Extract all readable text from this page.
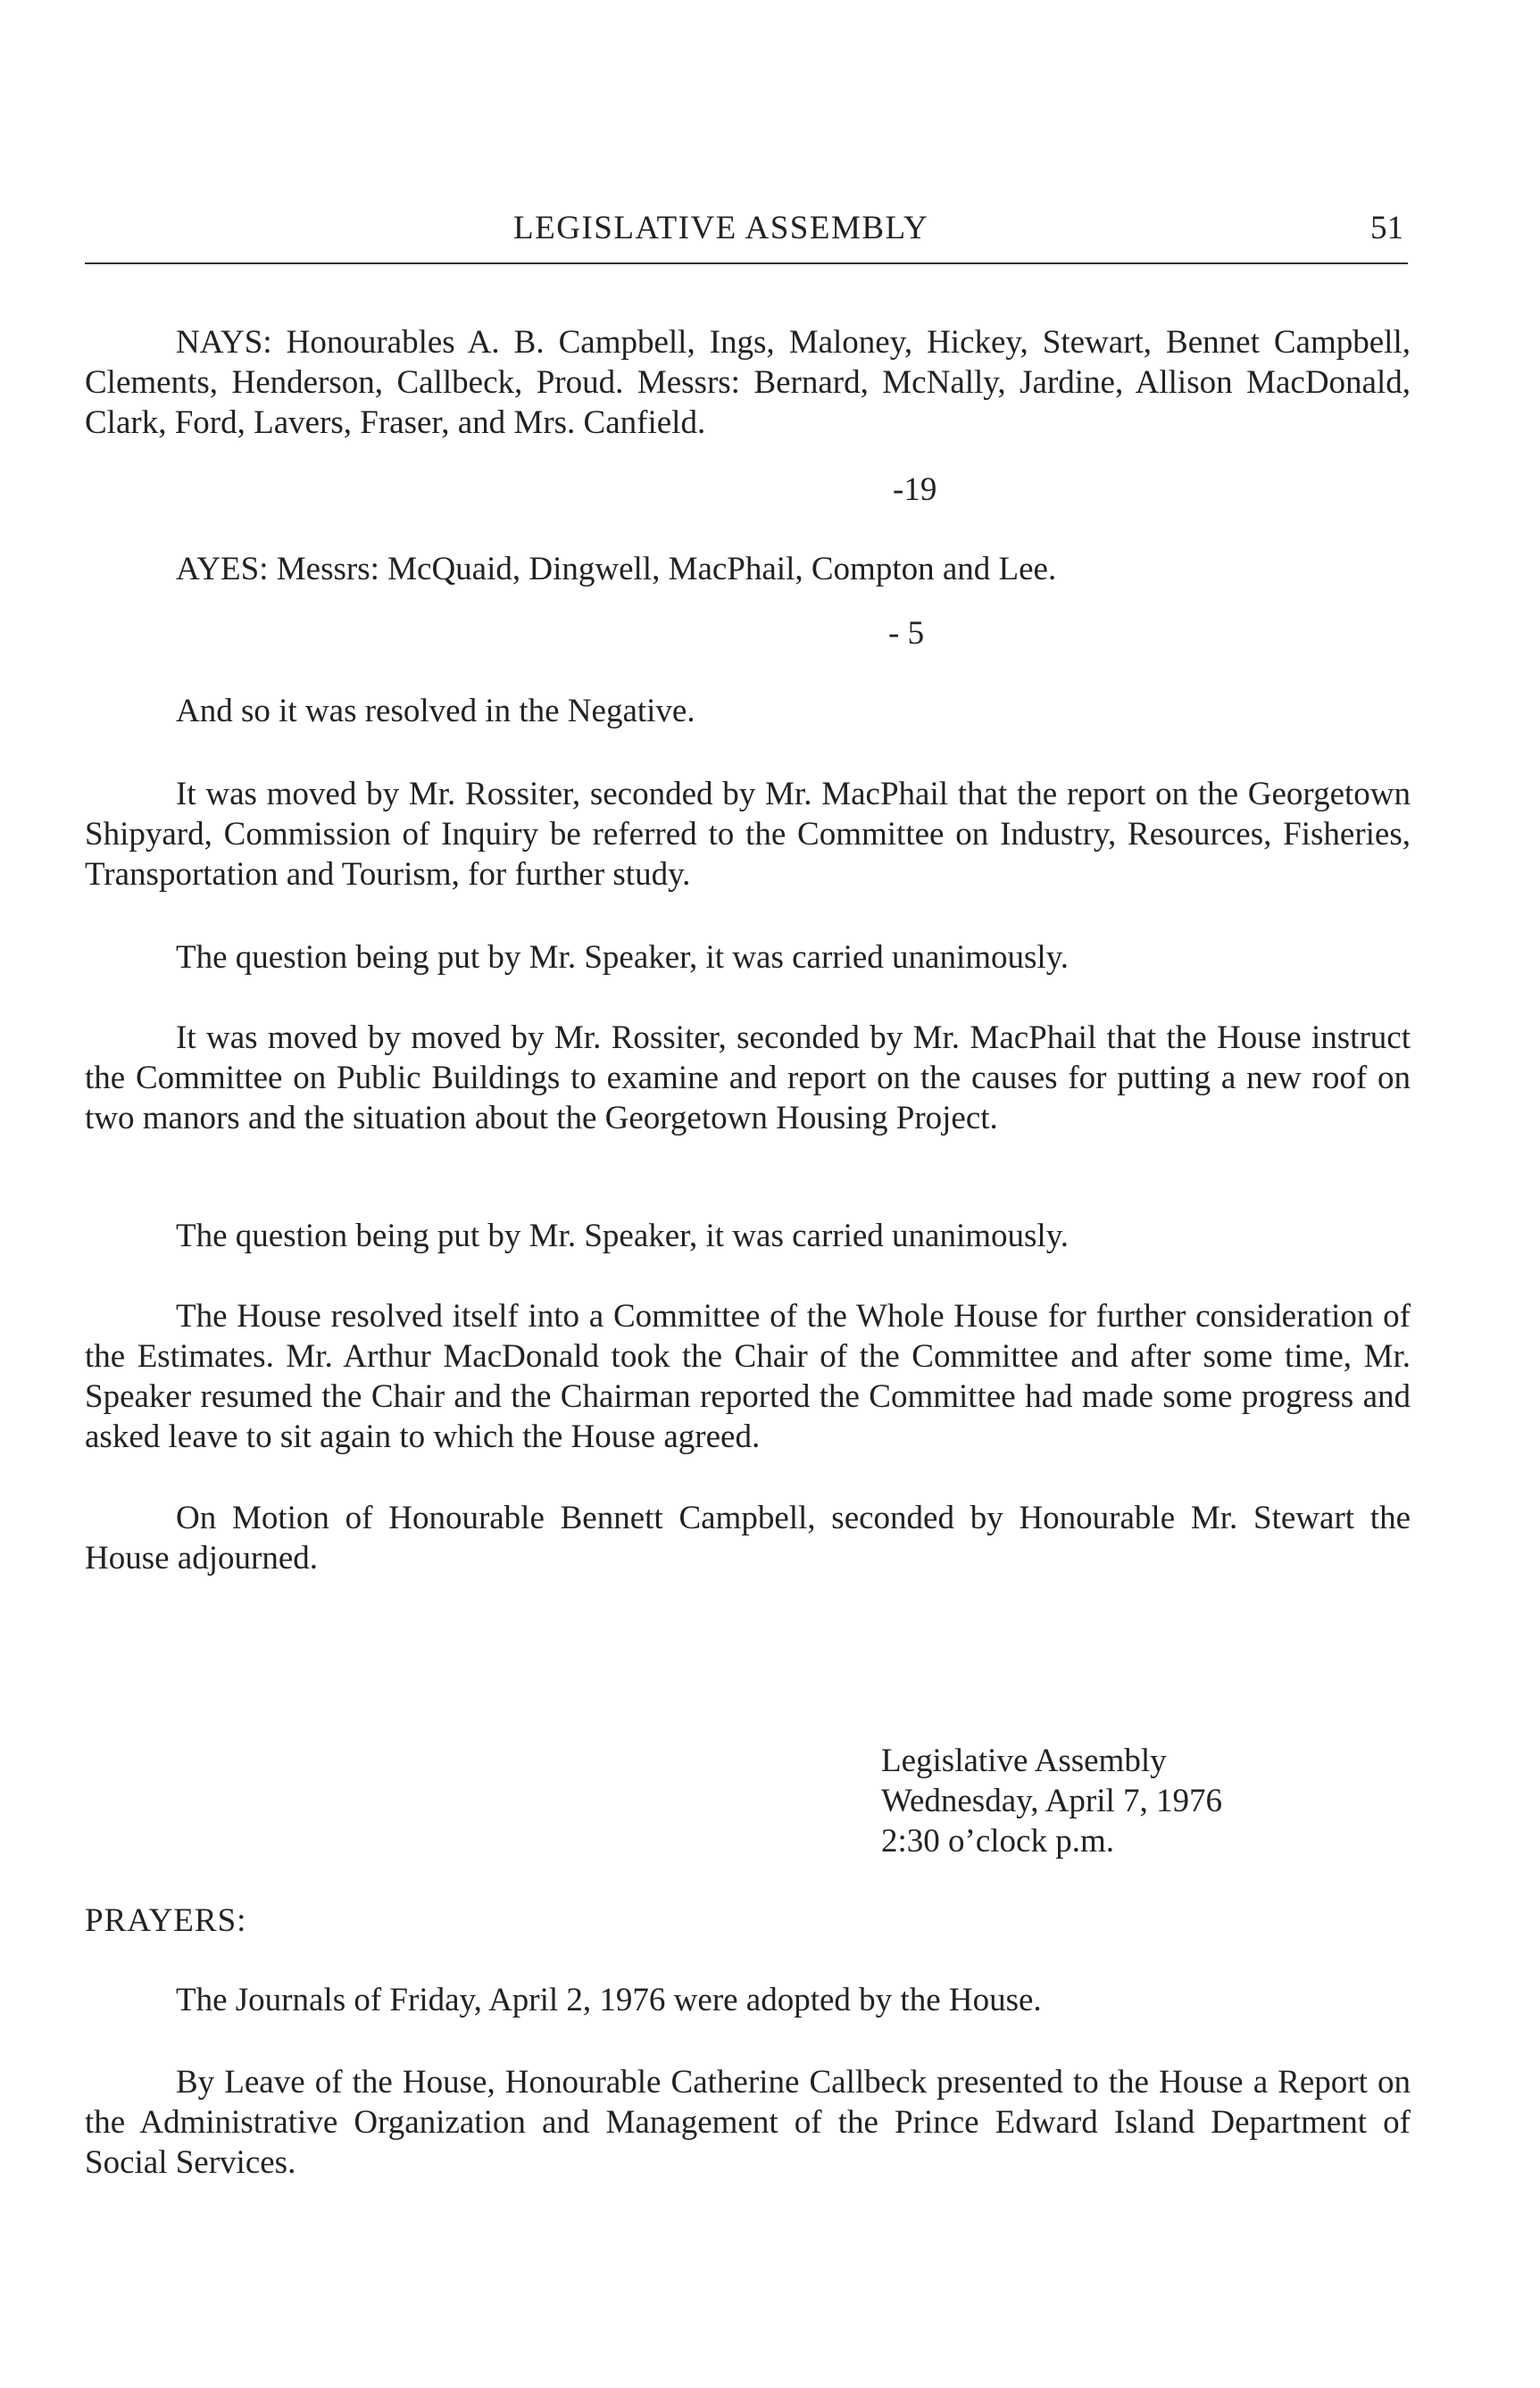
LEGISLATIVE ASSEMBLY	51

NAYS: Honourables A. B. Campbell, Ings, Maloney, Hickey, Stewart, Bennet Campbell, Clements, Henderson, Callbeck, Proud. Messrs: Bernard, McNally, Jardine, Allison MacDonald, Clark, Ford, Lavers, Fraser, and Mrs. Canfield.

-19

AYES: Messrs: McQuaid, Dingwell, MacPhail, Compton and Lee.

- 5

And so it was resolved in the Negative.

It was moved by Mr. Rossiter, seconded by Mr. MacPhail that the report on the Georgetown Shipyard, Commission of Inquiry be referred to the Committee on Industry, Resources, Fisheries, Transportation and Tourism, for further study.

The question being put by Mr. Speaker, it was carried unanimously.

It was moved by moved by Mr. Rossiter, seconded by Mr. MacPhail that the House instruct the Committee on Public Buildings to examine and report on the causes for putting a new roof on two manors and the situation about the Georgetown Housing Project.

The question being put by Mr. Speaker, it was carried unanimously.

The House resolved itself into a Committee of the Whole House for further consideration of the Estimates. Mr. Arthur MacDonald took the Chair of the Committee and after some time, Mr. Speaker resumed the Chair and the Chairman reported the Committee had made some progress and asked leave to sit again to which the House agreed.

On Motion of Honourable Bennett Campbell, seconded by Honourable Mr. Stewart the House adjourned.

Legislative Assembly
Wednesday, April 7, 1976
2:30 o’clock p.m.
PRAYERS:

The Journals of Friday, April 2, 1976 were adopted by the House.

By Leave of the House, Honourable Catherine Callbeck presented to the House a Report on the Administrative Organization and Management of the Prince Edward Island Department of Social Services.
